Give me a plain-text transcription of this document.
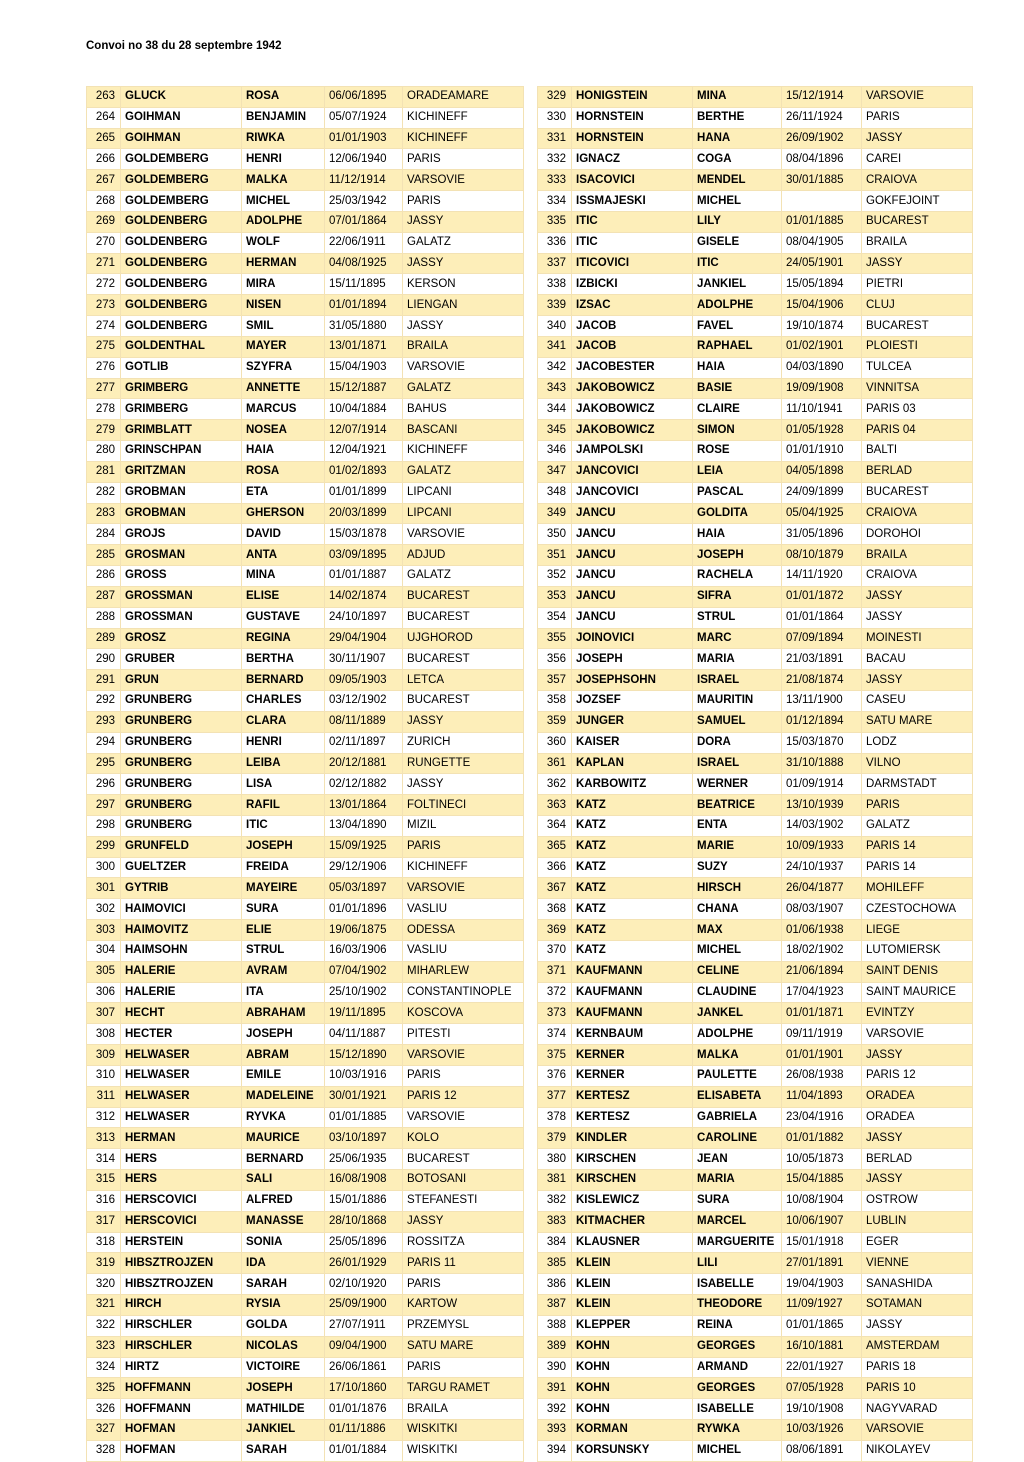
Convoi no 38 du 28 septembre 1942
263	GLUCK	ROSA	06/06/1895	ORADEAMARE
264	GOIHMAN	BENJAMIN	05/07/1924	KICHINEFF
265	GOIHMAN	RIWKA	01/01/1903	KICHINEFF
266	GOLDEMBERG	HENRI	12/06/1940	PARIS
267	GOLDEMBERG	MALKA	11/12/1914	VARSOVIE
268	GOLDEMBERG	MICHEL	25/03/1942	PARIS
269	GOLDENBERG	ADOLPHE	07/01/1864	JASSY
270	GOLDENBERG	WOLF	22/06/1911	GALATZ
271	GOLDENBERG	HERMAN	04/08/1925	JASSY
272	GOLDENBERG	MIRA	15/11/1895	KERSON
273	GOLDENBERG	NISEN	01/01/1894	LIENGAN
274	GOLDENBERG	SMIL	31/05/1880	JASSY
275	GOLDENTHAL	MAYER	13/01/1871	BRAILA
276	GOTLIB	SZYFRA	15/04/1903	VARSOVIE
277	GRIMBERG	ANNETTE	15/12/1887	GALATZ
278	GRIMBERG	MARCUS	10/04/1884	BAHUS
279	GRIMBLATT	NOSEA	12/07/1914	BASCANI
280	GRINSCHPAN	HAIA	12/04/1921	KICHINEFF
281	GRITZMAN	ROSA	01/02/1893	GALATZ
282	GROBMAN	ETA	01/01/1899	LIPCANI
283	GROBMAN	GHERSON	20/03/1899	LIPCANI
284	GROJS	DAVID	15/03/1878	VARSOVIE
285	GROSMAN	ANTA	03/09/1895	ADJUD
286	GROSS	MINA	01/01/1887	GALATZ
287	GROSSMAN	ELISE	14/02/1874	BUCAREST
288	GROSSMAN	GUSTAVE	24/10/1897	BUCAREST
289	GROSZ	REGINA	29/04/1904	UJGHOROD
290	GRUBER	BERTHA	30/11/1907	BUCAREST
291	GRUN	BERNARD	09/05/1903	LETCA
292	GRUNBERG	CHARLES	03/12/1902	BUCAREST
293	GRUNBERG	CLARA	08/11/1889	JASSY
294	GRUNBERG	HENRI	02/11/1897	ZURICH
295	GRUNBERG	LEIBA	20/12/1881	RUNGETTE
296	GRUNBERG	LISA	02/12/1882	JASSY
297	GRUNBERG	RAFIL	13/01/1864	FOLTINECI
298	GRUNBERG	ITIC	13/04/1890	MIZIL
299	GRUNFELD	JOSEPH	15/09/1925	PARIS
300	GUELTZER	FREIDA	29/12/1906	KICHINEFF
301	GYTRIB	MAYEIRE	05/03/1897	VARSOVIE
302	HAIMOVICI	SURA	01/01/1896	VASLIU
303	HAIMOVITZ	ELIE	19/06/1875	ODESSA
304	HAIMSOHN	STRUL	16/03/1906	VASLIU
305	HALERIE	AVRAM	07/04/1902	MIHARLEW
306	HALERIE	ITA	25/10/1902	CONSTANTINOPLE
307	HECHT	ABRAHAM	19/11/1895	KOSCOVA
308	HECTER	JOSEPH	04/11/1887	PITESTI
309	HELWASER	ABRAM	15/12/1890	VARSOVIE
310	HELWASER	EMILE	10/03/1916	PARIS
311	HELWASER	MADELEINE	30/01/1921	PARIS 12
312	HELWASER	RYVKA	01/01/1885	VARSOVIE
313	HERMAN	MAURICE	03/10/1897	KOLO
314	HERS	BERNARD	25/06/1935	BUCAREST
315	HERS	SALI	16/08/1908	BOTOSANI
316	HERSCOVICI	ALFRED	15/01/1886	STEFANESTI
317	HERSCOVICI	MANASSE	28/10/1868	JASSY
318	HERSTEIN	SONIA	25/05/1896	ROSSITZA
319	HIBSZTROJZEN	IDA	26/01/1929	PARIS 11
320	HIBSZTROJZEN	SARAH	02/10/1920	PARIS
321	HIRCH	RYSIA	25/09/1900	KARTOW
322	HIRSCHLER	GOLDA	27/07/1911	PRZEMYSL
323	HIRSCHLER	NICOLAS	09/04/1900	SATU MARE
324	HIRTZ	VICTOIRE	26/06/1861	PARIS
325	HOFFMANN	JOSEPH	17/10/1860	TARGU RAMET
326	HOFFMANN	MATHILDE	01/01/1876	BRAILA
327	HOFMAN	JANKIEL	01/11/1886	WISKITKI
328	HOFMAN	SARAH	01/01/1884	WISKITKI
329	HONIGSTEIN	MINA	15/12/1914	VARSOVIE
330	HORNSTEIN	BERTHE	26/11/1924	PARIS
331	HORNSTEIN	HANA	26/09/1902	JASSY
332	IGNACZ	COGA	08/04/1896	CAREI
333	ISACOVICI	MENDEL	30/01/1885	CRAIOVA
334	ISSMAJESKI	MICHEL		GOKFEJOINT
335	ITIC	LILY	01/01/1885	BUCAREST
336	ITIC	GISELE	08/04/1905	BRAILA
337	ITICOVICI	ITIC	24/05/1901	JASSY
338	IZBICKI	JANKIEL	15/05/1894	PIETRI
339	IZSAC	ADOLPHE	15/04/1906	CLUJ
340	JACOB	FAVEL	19/10/1874	BUCAREST
341	JACOB	RAPHAEL	01/02/1901	PLOIESTI
342	JACOBESTER	HAIA	04/03/1890	TULCEA
343	JAKOBOWICZ	BASIE	19/09/1908	VINNITSA
344	JAKOBOWICZ	CLAIRE	11/10/1941	PARIS 03
345	JAKOBOWICZ	SIMON	01/05/1928	PARIS 04
346	JAMPOLSKI	ROSE	01/01/1910	BALTI
347	JANCOVICI	LEIA	04/05/1898	BERLAD
348	JANCOVICI	PASCAL	24/09/1899	BUCAREST
349	JANCU	GOLDITA	05/04/1925	CRAIOVA
350	JANCU	HAIA	31/05/1896	DOROHOI
351	JANCU	JOSEPH	08/10/1879	BRAILA
352	JANCU	RACHELA	14/11/1920	CRAIOVA
353	JANCU	SIFRA	01/01/1872	JASSY
354	JANCU	STRUL	01/01/1864	JASSY
355	JOINOVICI	MARC	07/09/1894	MOINESTI
356	JOSEPH	MARIA	21/03/1891	BACAU
357	JOSEPHSOHN	ISRAEL	21/08/1874	JASSY
358	JOZSEF	MAURITIN	13/11/1900	CASEU
359	JUNGER	SAMUEL	01/12/1894	SATU MARE
360	KAISER	DORA	15/03/1870	LODZ
361	KAPLAN	ISRAEL	31/10/1888	VILNO
362	KARBOWITZ	WERNER	01/09/1914	DARMSTADT
363	KATZ	BEATRICE	13/10/1939	PARIS
364	KATZ	ENTA	14/03/1902	GALATZ
365	KATZ	MARIE	10/09/1933	PARIS 14
366	KATZ	SUZY	24/10/1937	PARIS 14
367	KATZ	HIRSCH	26/04/1877	MOHILEFF
368	KATZ	CHANA	08/03/1907	CZESTOCHOWA
369	KATZ	MAX	01/06/1938	LIEGE
370	KATZ	MICHEL	18/02/1902	LUTOMIERSK
371	KAUFMANN	CELINE	21/06/1894	SAINT DENIS
372	KAUFMANN	CLAUDINE	17/04/1923	SAINT MAURICE
373	KAUFMANN	JANKEL	01/01/1871	EVINTZY
374	KERNBAUM	ADOLPHE	09/11/1919	VARSOVIE
375	KERNER	MALKA	01/01/1901	JASSY
376	KERNER	PAULETTE	26/08/1938	PARIS 12
377	KERTESZ	ELISABETA	11/04/1893	ORADEA
378	KERTESZ	GABRIELA	23/04/1916	ORADEA
379	KINDLER	CAROLINE	01/01/1882	JASSY
380	KIRSCHEN	JEAN	10/05/1873	BERLAD
381	KIRSCHEN	MARIA	15/04/1885	JASSY
382	KISLEWICZ	SURA	10/08/1904	OSTROW
383	KITMACHER	MARCEL	10/06/1907	LUBLIN
384	KLAUSNER	MARGUERITE	15/01/1918	EGER
385	KLEIN	LILI	27/01/1891	VIENNE
386	KLEIN	ISABELLE	19/04/1903	SANASHIDA
387	KLEIN	THEODORE	11/09/1927	SOTAMAN
388	KLEPPER	REINA	01/01/1865	JASSY
389	KOHN	GEORGES	16/10/1881	AMSTERDAM
390	KOHN	ARMAND	22/01/1927	PARIS 18
391	KOHN	GEORGES	07/05/1928	PARIS 10
392	KOHN	ISABELLE	19/10/1908	NAGYVARAD
393	KORMAN	RYWKA	10/03/1926	VARSOVIE
394	KORSUNSKY	MICHEL	08/06/1891	NIKOLAYEV
